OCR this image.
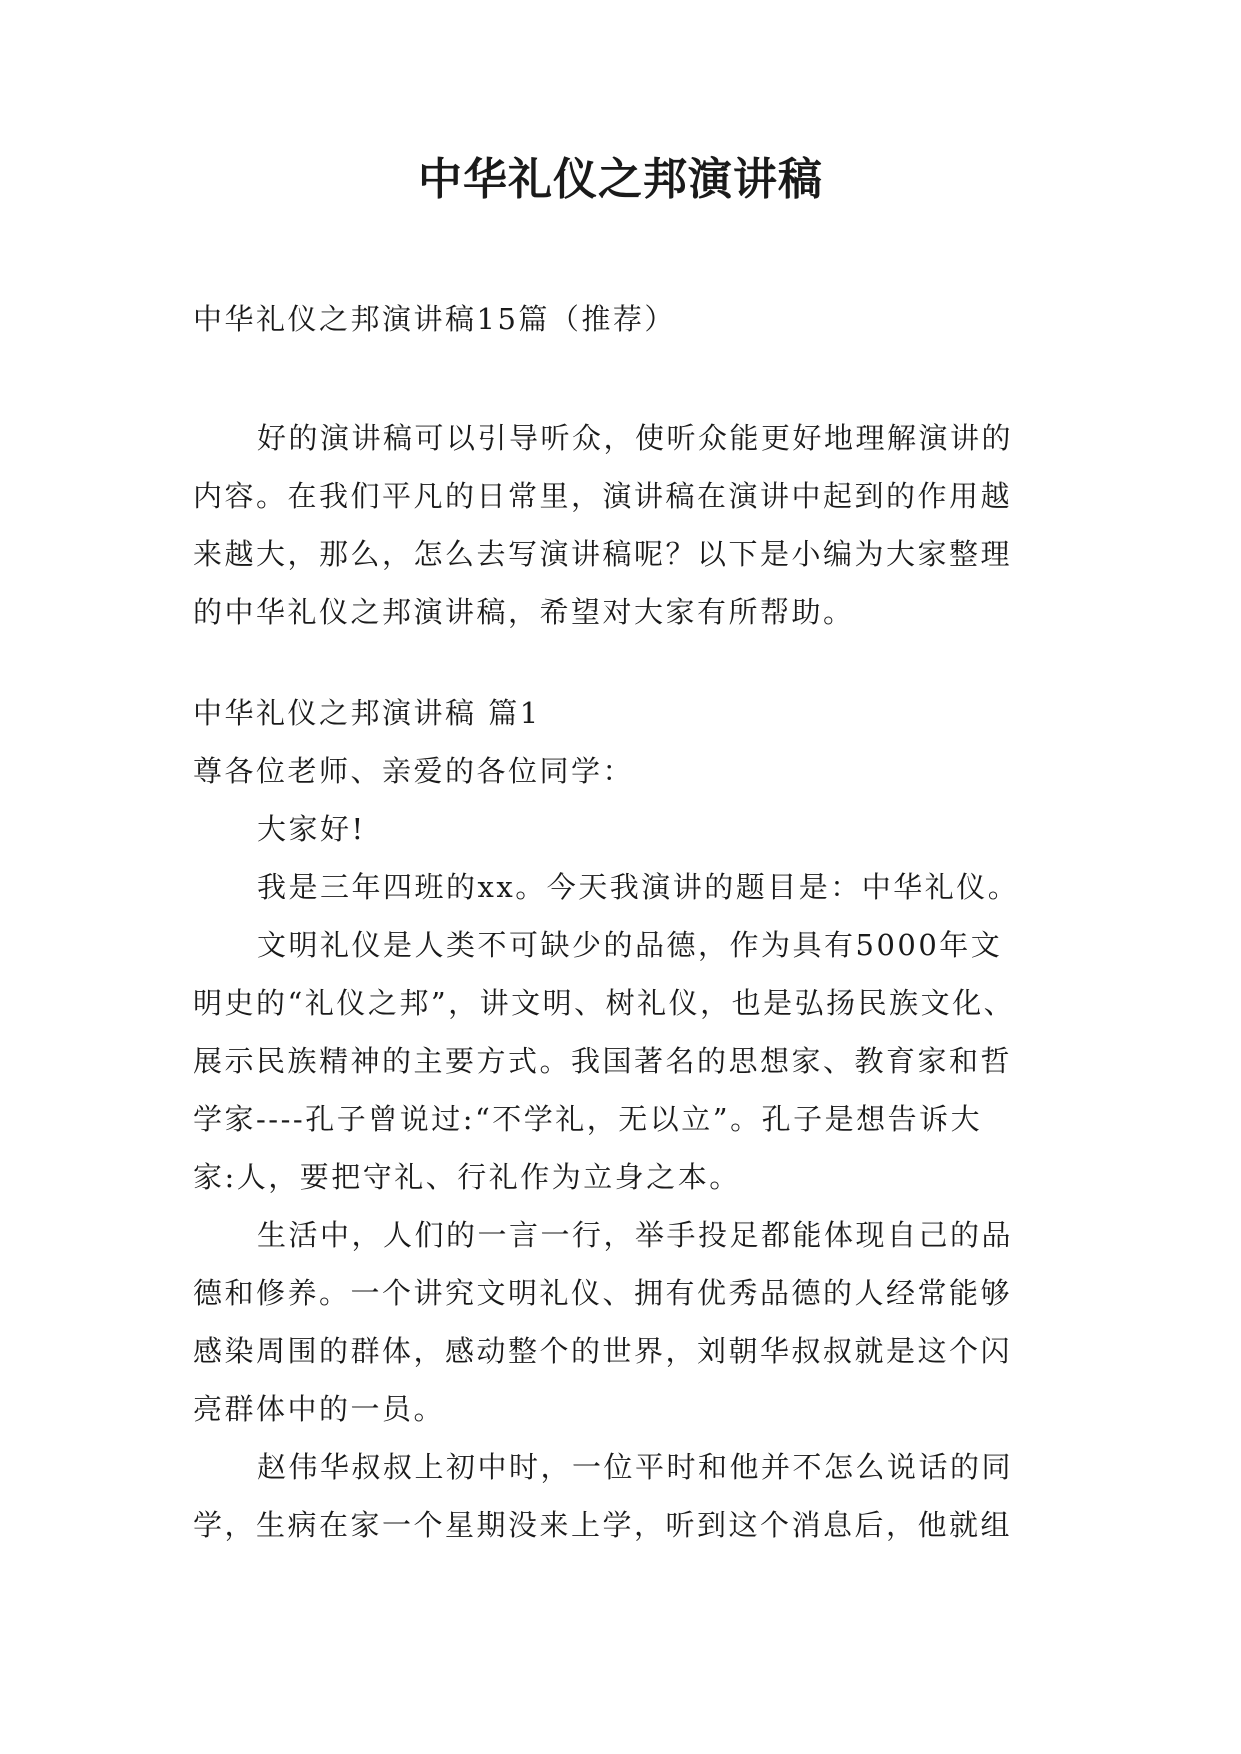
中华礼仪之邦演讲稿
中华礼仪之邦演讲稿15篇（推荐）
好的演讲稿可以引导听众，使听众能更好地理解演讲的
内容。在我们平凡的日常里，演讲稿在演讲中起到的作用越
来越大，那么，怎么去写演讲稿呢？以下是小编为大家整理
的中华礼仪之邦演讲稿，希望对大家有所帮助。
中华礼仪之邦演讲稿 篇1
尊各位老师、亲爱的各位同学：
大家好!
我是三年四班的xx。今天我演讲的题目是：中华礼仪。
文明礼仪是人类不可缺少的品德，作为具有5000年文
明史的“礼仪之邦”，讲文明、树礼仪，也是弘扬民族文化、
展示民族精神的主要方式。我国著名的思想家、教育家和哲
学家----孔子曾说过:“不学礼，无以立”。孔子是想告诉大
家:人，要把守礼、行礼作为立身之本。
生活中，人们的一言一行，举手投足都能体现自己的品
德和修养。一个讲究文明礼仪、拥有优秀品德的人经常能够
感染周围的群体，感动整个的世界，刘朝华叔叔就是这个闪
亮群体中的一员。
赵伟华叔叔上初中时，一位平时和他并不怎么说话的同
学，生病在家一个星期没来上学，听到这个消息后，他就组
